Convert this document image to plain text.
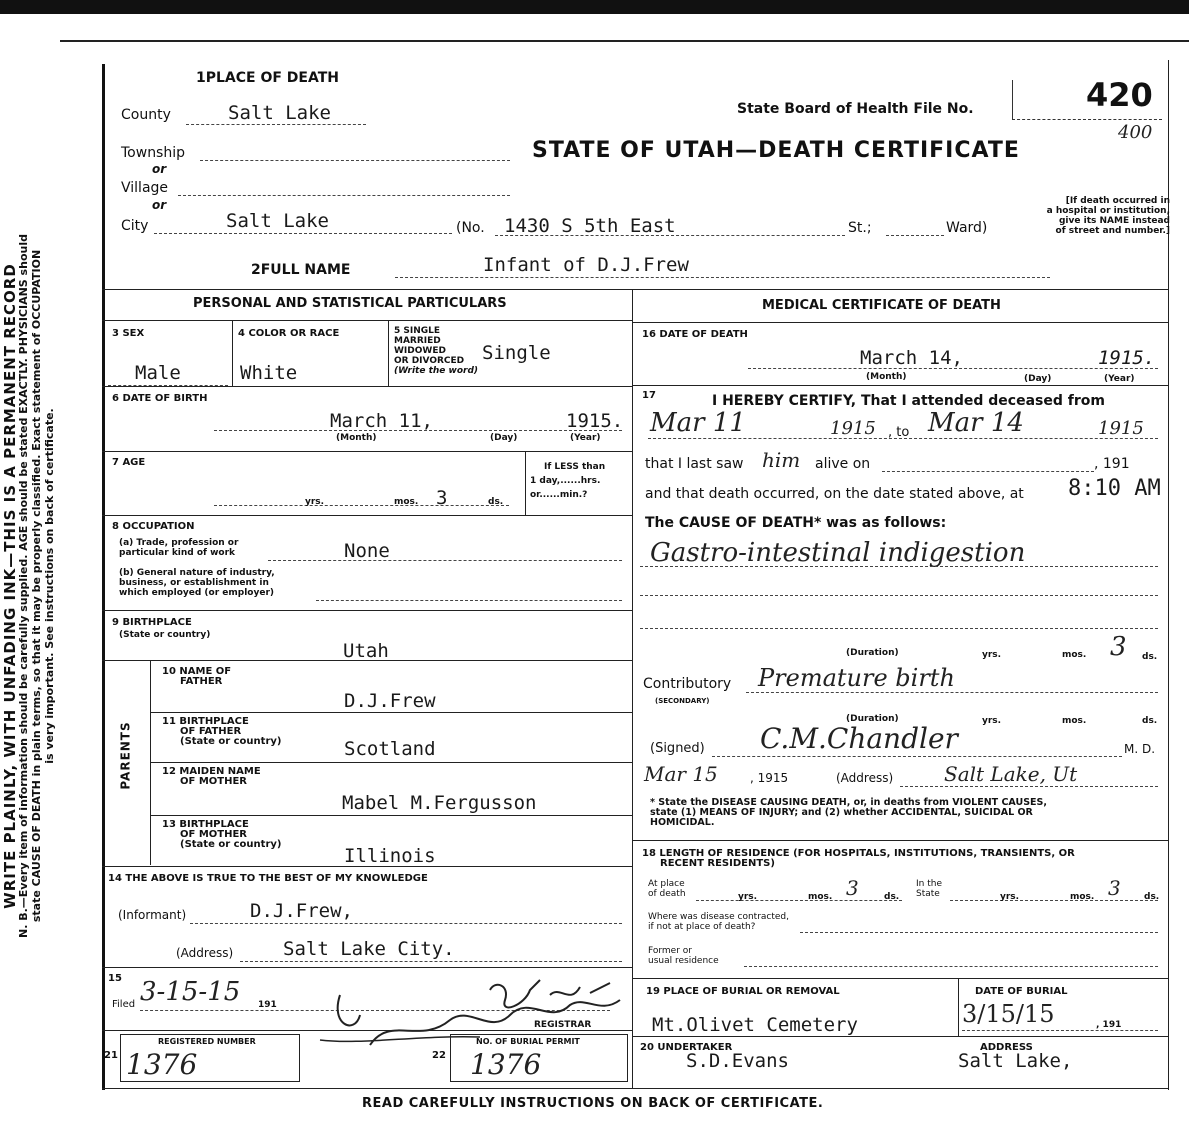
WRITE PLAINLY, WITH UNFADING INK—THIS IS A PERMANENT RECORD
N. B.—Every item of information should be carefully supplied. AGE should be stated EXACTLY. PHYSICIANS should state CAUSE OF DEATH in plain terms, so that it may be properly classified. Exact statement of OCCUPATION is very important. See instructions on back of certificate.
1PLACE OF DEATH
State Board of Health File No.	420
400
STATE OF UTAH—DEATH CERTIFICATE
[If death occurred in
a hospital or institution,
give its NAME instead
of street and number.]
County	Salt Lake
Township
or
Village
or
City	Salt Lake	(No. 1430 S 5th East	St.;	Ward)
2FULL NAME	Infant of D.J.Frew
PERSONAL AND STATISTICAL PARTICULARS
3 SEX
Male
4 COLOR OR RACE
White
5 SINGLE
MARRIED
WIDOWED
OR DIVORCED
(Write the word)
Single
6 DATE OF BIRTH
March 11,	1915.
(Month)	(Day)	(Year)
7 AGE
yrs.	mos. 3	ds.
If LESS than
1 day,......hrs.
or......min.?
8 OCCUPATION
(a) Trade, profession or
particular kind of work	None
(b) General nature of industry,
business, or establishment in
which employed (or employer)
9 BIRTHPLACE
(State or country)
Utah
PARENTS
10 NAME OF
FATHER
D.J.Frew
11 BIRTHPLACE
OF FATHER
(State or country)	Scotland
12 MAIDEN NAME
OF MOTHER
Mabel M.Fergusson
13 BIRTHPLACE
OF MOTHER
(State or country)
Illinois
14 THE ABOVE IS TRUE TO THE BEST OF MY KNOWLEDGE
(Informant)	D.J.Frew,
(Address)	Salt Lake City.
15
Filed 3-15-15 191
REGISTRAR
21
REGISTERED NUMBER
1376	22
NO. OF BURIAL PERMIT
1376
MEDICAL CERTIFICATE OF DEATH
16 DATE OF DEATH
March 14,	1915.
(Month)	(Day)	(Year)
17	I HEREBY CERTIFY, That I attended deceased from
Mar 11	1915 , to Mar 14	1915
that I last saw him alive on	, 191
and that death occurred, on the date stated above, at 8:10 AM
The CAUSE OF DEATH* was as follows:
Gastro-intestinal indigestion
(Duration)	yrs.	mos. 3 ds.
Contributory
(SECONDARY)
Premature birth
(Duration)	yrs.	mos.	ds.
(Signed) C.M.Chandler	M. D.
Mar 15	, 1915	(Address)	Salt Lake, Ut
* State the DISEASE CAUSING DEATH, or, in deaths from VIOLENT CAUSES,
state (1) MEANS OF INJURY; and (2) whether ACCIDENTAL, SUICIDAL OR
HOMICIDAL.
18 LENGTH OF RESIDENCE (FOR HOSPITALS, INSTITUTIONS, TRANSIENTS, OR
RECENT RESIDENTS)
At place
of death	yrs.	mos. 3	ds.
In the
State	yrs.	mos. 3	ds.
Where was disease contracted,
if not at place of death?
Former or
usual residence
19 PLACE OF BURIAL OR REMOVAL	DATE OF BURIAL
Mt.Olivet Cemetery	3/15/15	, 191
20 UNDERTAKER
S.D.Evans
ADDRESS
Salt Lake,
READ CAREFULLY INSTRUCTIONS ON BACK OF CERTIFICATE.
